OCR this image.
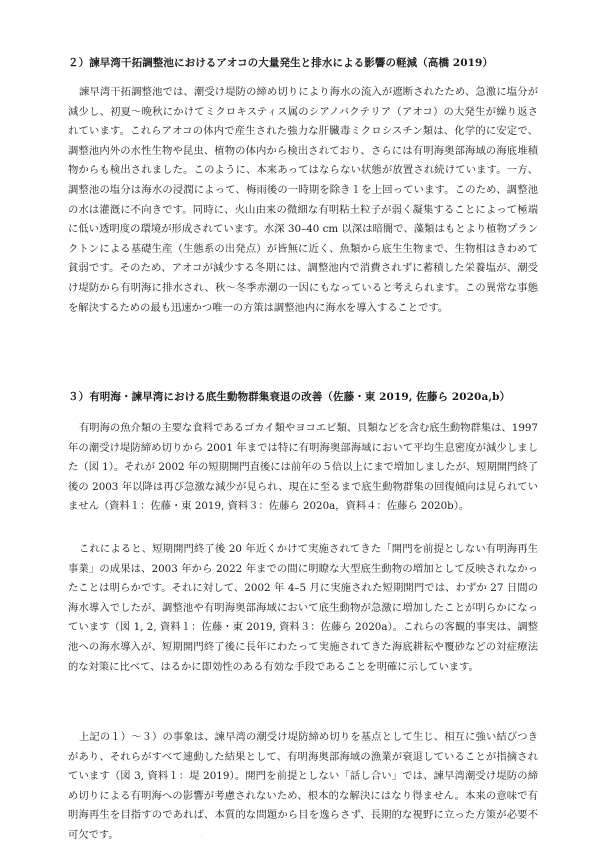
２）諫早湾干拓調整池におけるアオコの大量発生と排水による影響の軽減（高橋 2019）
諫早湾干拓調整池では、潮受け堤防の締め切りにより海水の流入が遮断されたため、急激に塩分が減少し、初夏〜晩秋にかけてミクロキスティス属のシアノバクテリア（アオコ）の大発生が繰り返されています。これらアオコの体内で産生された強力な肝臓毒ミクロシスチン類は、化学的に安定で、調整池内外の水性生物や昆虫、植物の体内から検出されており、さらには有明海奥部海域の海底堆積物からも検出されました。このように、本来あってはならない状態が放置され続けています。一方、調整池の塩分は海水の浸潤によって、梅雨後の一時期を除き１を上回っています。このため、調整池の水は灌漑に不向きです。同時に、火山由来の微細な有明粘土粒子が弱く凝集することによって極端に低い透明度の環境が形成されています。水深 30–40 cm 以深は暗闇で、藻類はもとより植物プランクトンによる基礎生産（生態系の出発点）が皆無に近く、魚類から底生生物まで、生物相はきわめて貧弱です。そのため、アオコが減少する冬期には、調整池内で消費されずに蓄積した栄養塩が、潮受け堤防から有明海に排水され、秋〜冬季赤潮の一因にもなっていると考えられます。この異常な事態を解決するための最も迅速かつ唯一の方策は調整池内に海水を導入することです。
３）有明海・諫早湾における底生動物群集衰退の改善（佐藤・東 2019, 佐藤ら 2020a,b）
有明海の魚介類の主要な食料であるゴカイ類やヨコエビ類、貝類などを含む底生動物群集は、1997 年の潮受け堤防締め切りから 2001 年までは特に有明海奥部海域において平均生息密度が減少しました（図 1）。それが 2002 年の短期開門直後には前年の５倍以上にまで増加しましたが、短期開門終了後の 2003 年以降は再び急激な減少が見られ、現在に至るまで底生動物群集の回復傾向は見られていません（資料１：佐藤・東 2019, 資料３：佐藤ら 2020a，資料４：佐藤ら 2020b）。
これによると、短期開門終了後 20 年近くかけて実施されてきた「開門を前提としない有明海再生事業」の成果は、2003 年から 2022 年までの間に明瞭な大型底生動物の増加として反映されなかったことは明らかです。それに対して、2002 年 4–5 月に実施された短期開門では、わずか 27 日間の海水導入でしたが、調整池や有明海奥部海域において底生動物が急激に増加したことが明らかになっています（図 1, 2, 資料１：佐藤・東 2019, 資料３：佐藤ら 2020a）。これらの客観的事実は、調整池への海水導入が、短期開門終了後に長年にわたって実施されてきた海底耕耘や覆砂などの対症療法的な対策に比べて、はるかに即効性のある有効な手段であることを明確に示しています。
上記の１）〜３）の事象は、諫早湾の潮受け堤防締め切りを基点として生じ、相互に強い結びつきがあり、それらがすべて連動した結果として、有明海奥部海域の漁業が衰退していることが指摘されています（図 3, 資料１：堤 2019）。開門を前提としない「話し合い」では、諫早湾潮受け堤防の締め切りによる有明海への影響が考慮されないため、根本的な解決にはなり得ません。本来の意味で有明海再生を目指すのであれば、本質的な問題から目を逸らさず、長期的な視野に立った方策が必要不可欠です。	·
